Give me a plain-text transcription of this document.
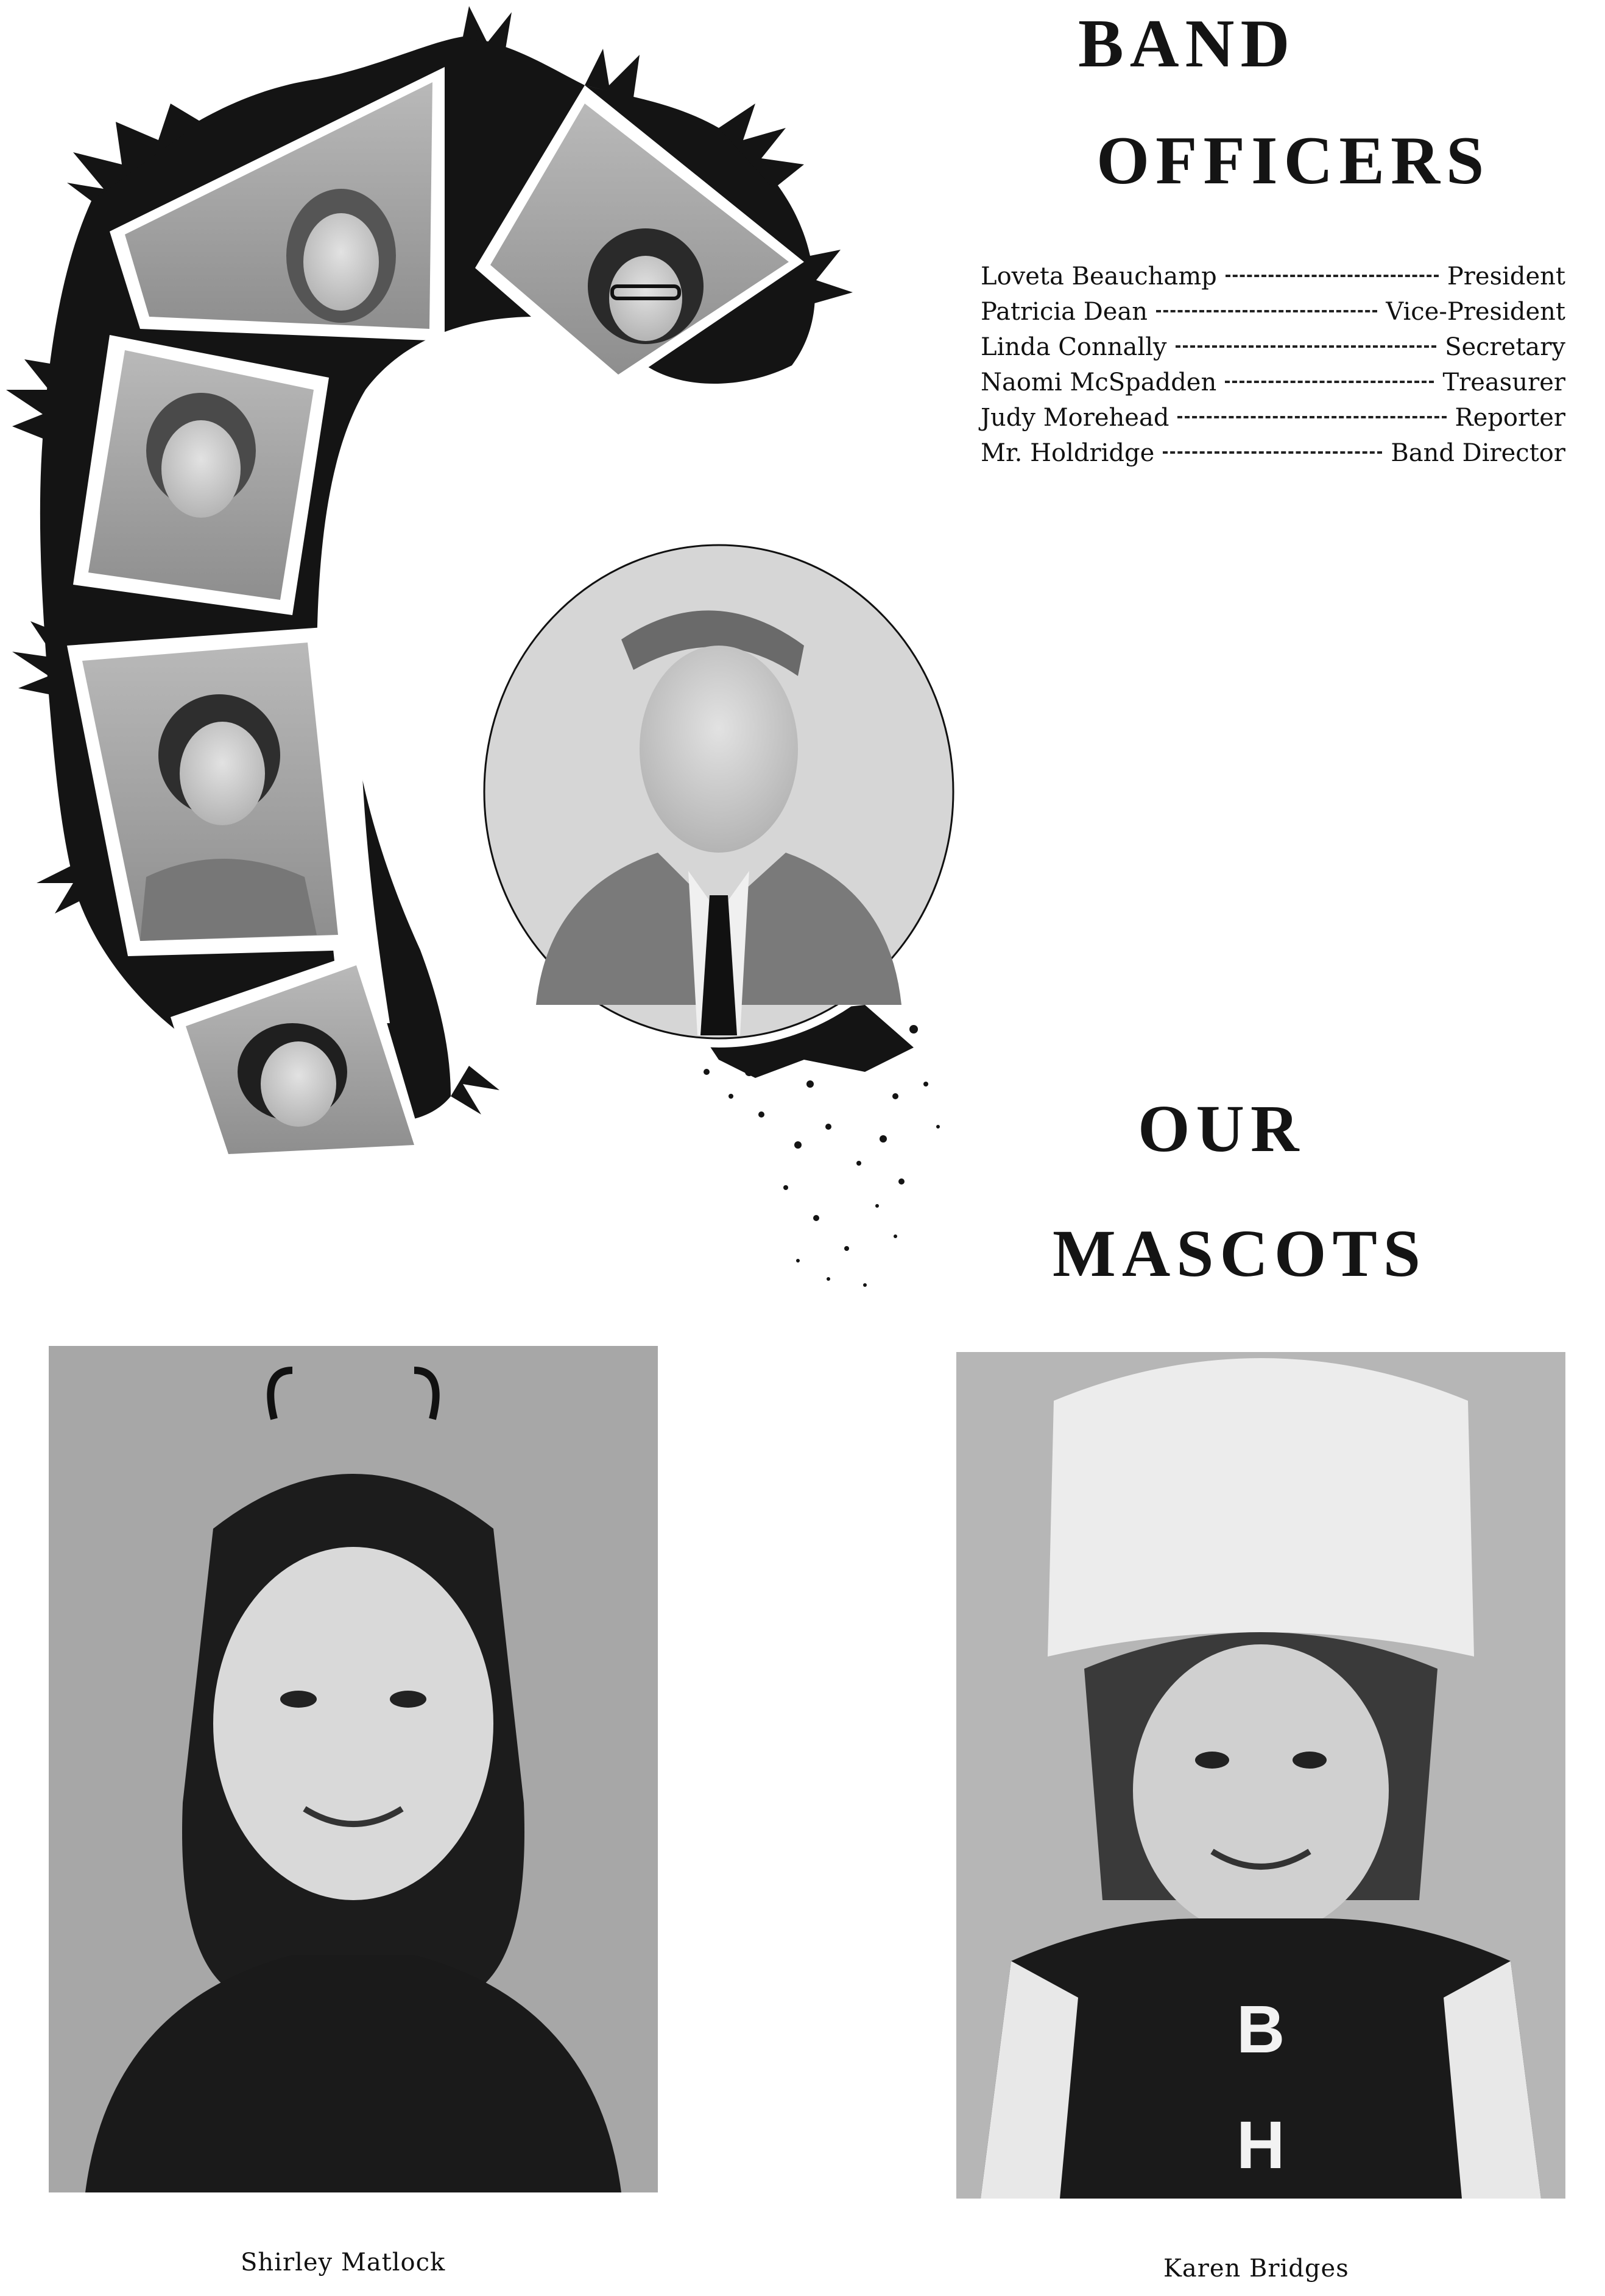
BAND
OFFICERS
Loveta Beauchamp	President
Patricia Dean	Vice-President
Linda Connally	Secretary
Naomi McSpadden	Treasurer
Judy Morehead	Reporter
Mr. Holdridge	Band Director
OUR
MASCOTS

Shirley Matlock

B
H

Karen Bridges
